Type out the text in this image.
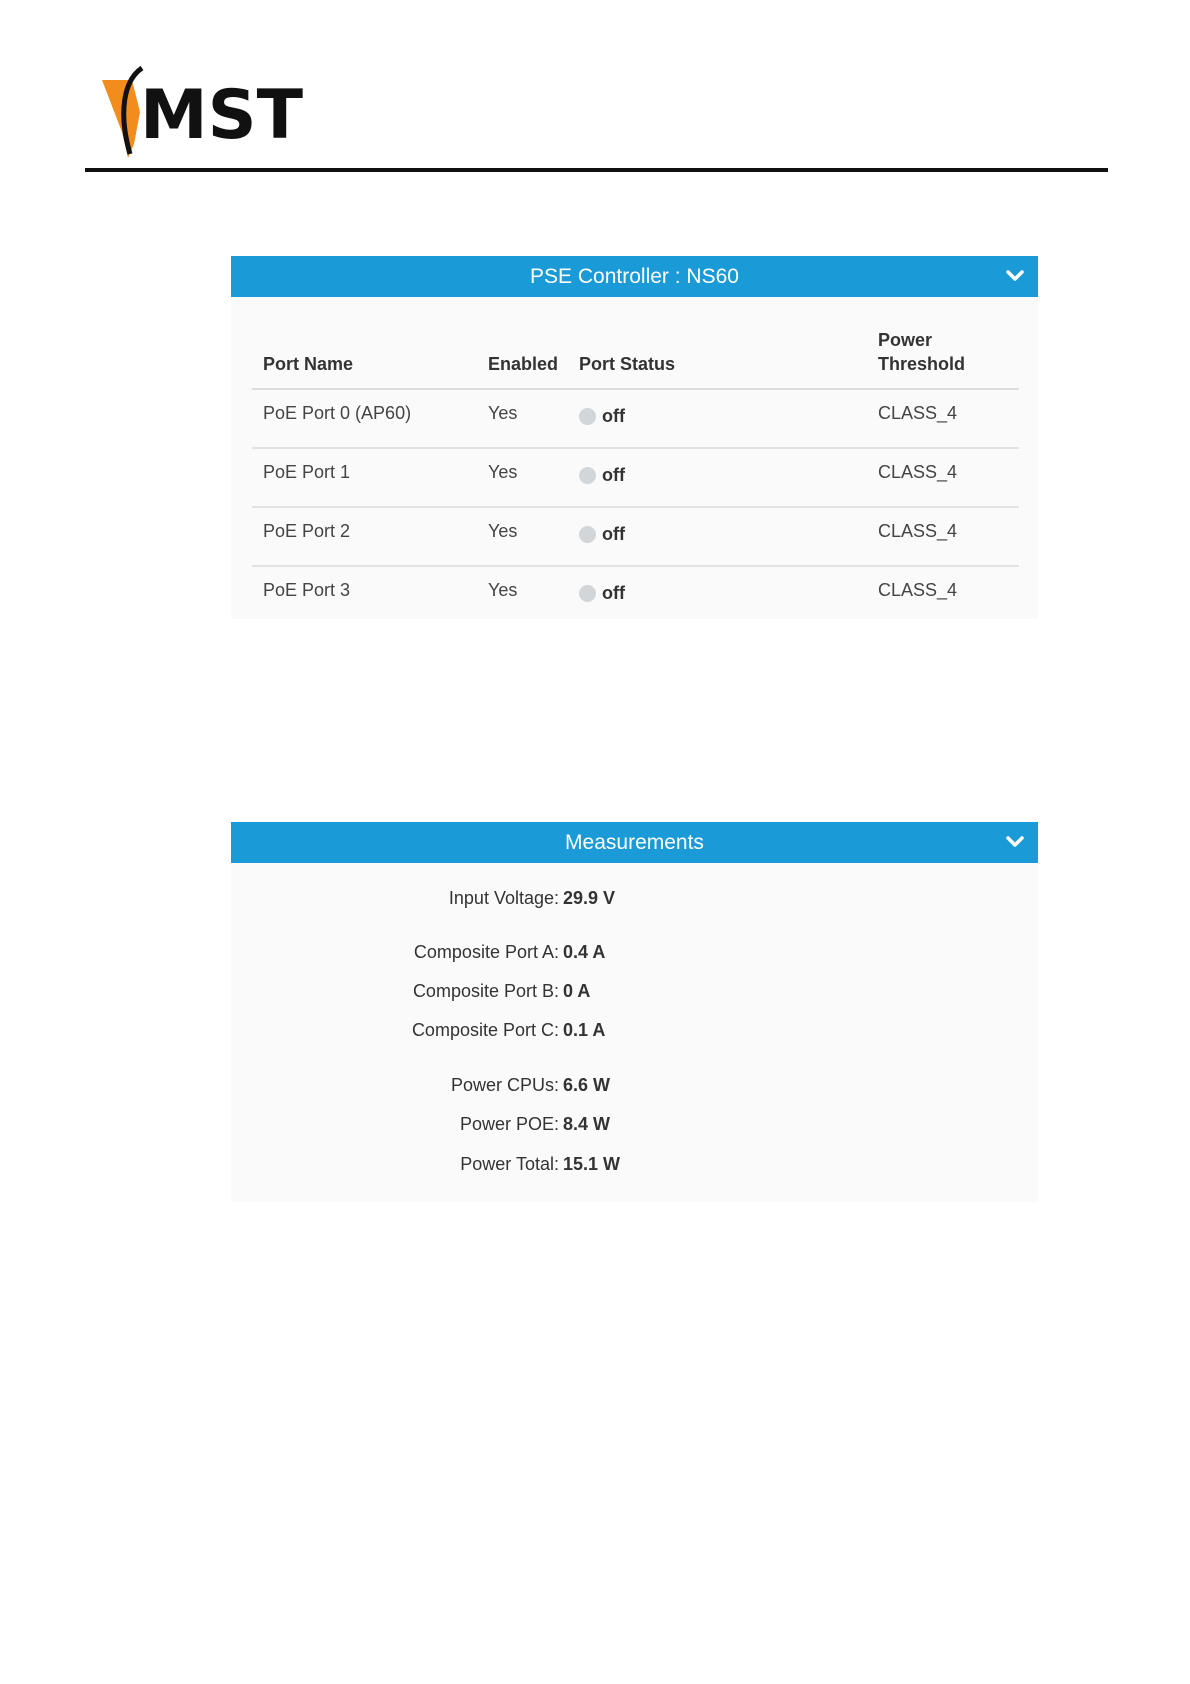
MST
PSE Controller : NS60
Port Name	Enabled	Port Status	Power Threshold
PoE Port 0 (AP60)	Yes	off	CLASS_4
PoE Port 1	Yes	off	CLASS_4
PoE Port 2	Yes	off	CLASS_4
PoE Port 3	Yes	off	CLASS_4
Measurements
Input Voltage: 29.9 V
Composite Port A: 0.4 A
Composite Port B: 0 A
Composite Port C: 0.1 A
Power CPUs: 6.6 W
Power POE: 8.4 W
Power Total: 15.1 W
